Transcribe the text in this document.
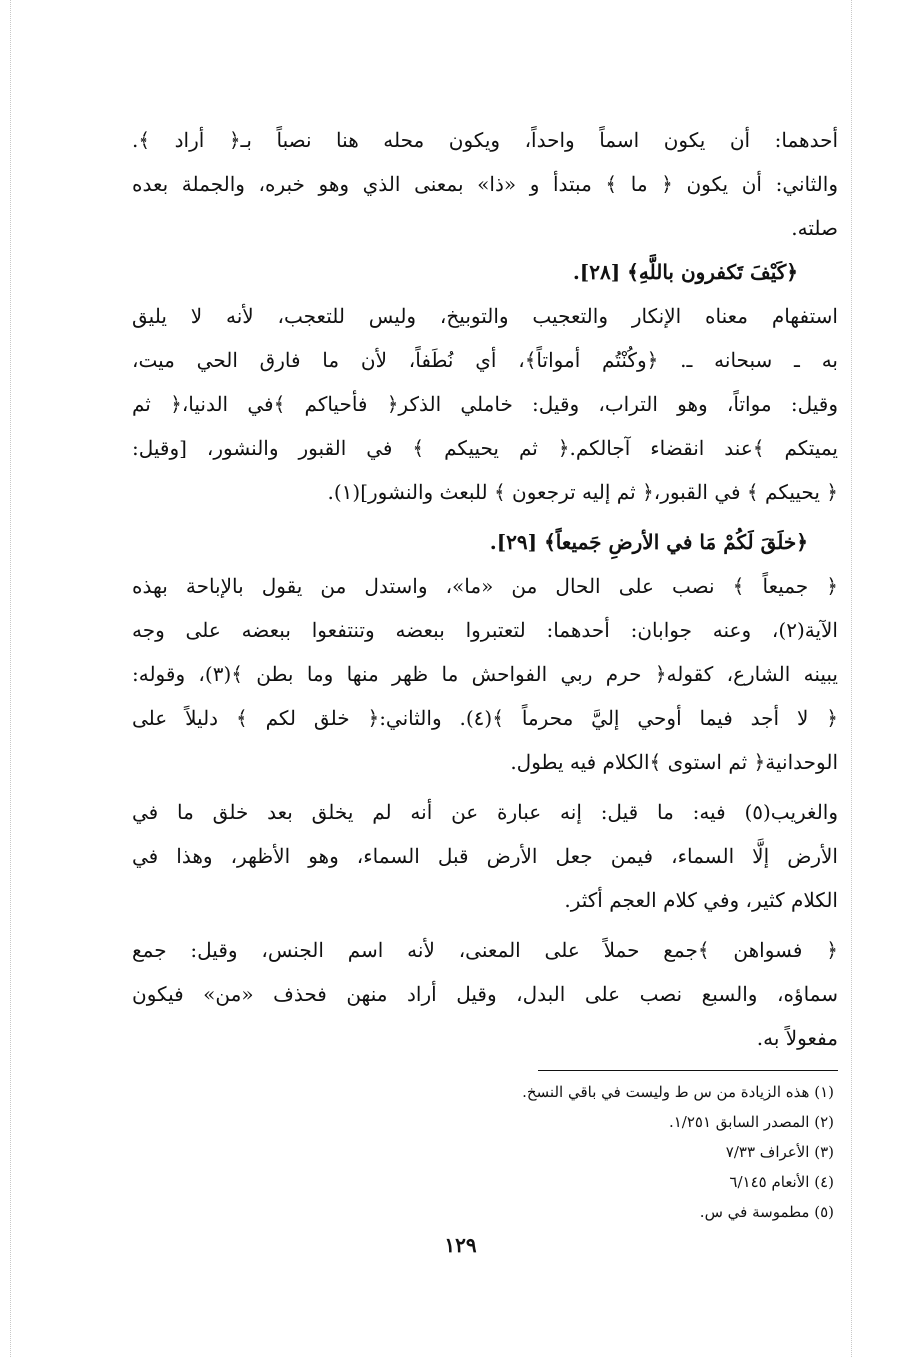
أحدهما: أن يكون اسماً واحداً، ويكون محله هنا نصباً بـ﴿ أراد ﴾.
والثاني: أن يكون ﴿ ما ﴾ مبتدأ و «ذا» بمعنى الذي وهو خبره، والجملة بعده
صلته.
﴿كَيْفَ تَكفرون باللَّهِ﴾ [٢٨].
استفهام معناه الإنكار والتعجيب والتوبيخ، وليس للتعجب، لأنه لا يليق
به ـ سبحانه ـ. ﴿وكُنْتُم أمواتاً﴾، أي نُطَفاً، لأن ما فارق الحي ميت،
وقيل: مواتاً، وهو التراب، وقيل: خاملي الذكر﴿ فأحياكم ﴾في الدنيا،﴿ ثم
يميتكم ﴾عند انقضاء آجالكم.﴿ ثم يحييكم ﴾ في القبور والنشور، [وقيل:
﴿ يحييكم ﴾ في القبور،﴿ ثم إليه ترجعون ﴾ للبعث والنشور](١).
﴿خلَقَ لَكُمْ مَا في الأرضِ جَميعاً﴾ [٢٩].
﴿ جميعاً ﴾ نصب على الحال من «ما»، واستدل من يقول بالإباحة بهذه
الآية(٢)، وعنه جوابان: أحدهما: لتعتبروا ببعضه وتنتفعوا ببعضه على وجه
يبينه الشارع، كقوله﴿ حرم ربي الفواحش ما ظهر منها وما بطن ﴾(٣)، وقوله:
﴿ لا أجد فيما أوحي إليَّ محرماً ﴾(٤). والثاني:﴿ خلق لكم ﴾ دليلاً على
الوحدانية﴿ ثم استوى ﴾الكلام فيه يطول.
والغريب(٥) فيه: ما قيل: إنه عبارة عن أنه لم يخلق بعد خلق ما في
الأرض إلَّا السماء، فيمن جعل الأرض قبل السماء، وهو الأظهر، وهذا في
الكلام كثير، وفي كلام العجم أكثر.
﴿ فسواهن ﴾جمع حملاً على المعنى، لأنه اسم الجنس، وقيل: جمع
سماؤه، والسبع نصب على البدل، وقيل أراد منهن فحذف «من» فيكون
مفعولاً به.
(١) هذه الزيادة من س ط وليست في باقي النسخ.
(٢) المصدر السابق ١/٢٥١.
(٣) الأعراف ٧/٣٣
(٤) الأنعام ٦/١٤٥
(٥) مطموسة في س.
١٢٩
